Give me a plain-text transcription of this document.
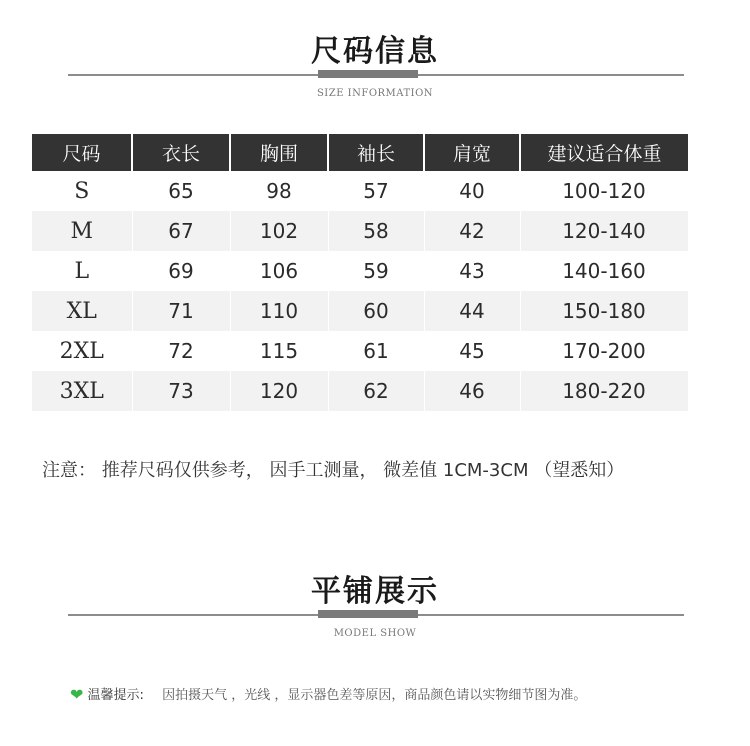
尺码信息
SIZE INFORMATION
尺码	衣长	胸围	袖长	肩宽	建议适合体重
S	65	98	57	40	100-120
M	67	102	58	42	120-140
L	69	106	59	43	140-160
XL	71	110	60	44	150-180
2XL	72	115	61	45	170-200
3XL	73	120	62	46	180-220
注意： 推荐尺码仅供参考， 因手工测量， 微差值 1CM-3CM （望悉知）
平铺展示
MODEL SHOW
❤ 温馨提示: 因拍摄天气 ，光线 ，显示器色差等原因，商品颜色请以实物细节图为准。
